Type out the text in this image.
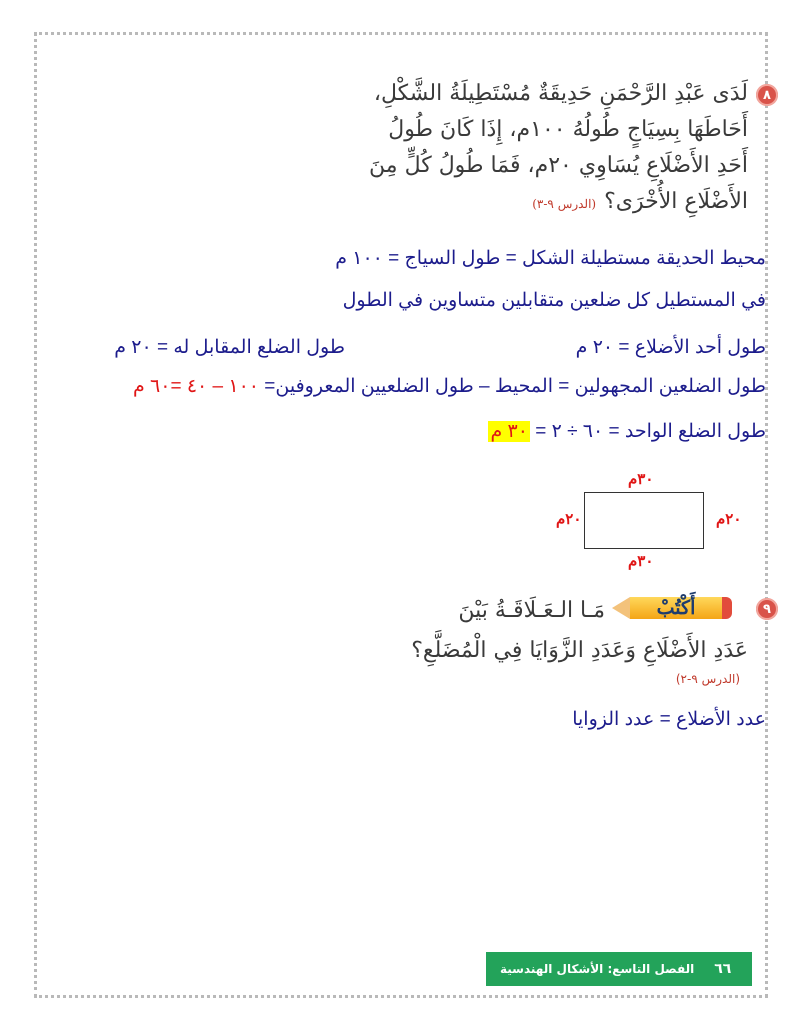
٨
لَدَى عَبْدِ الرَّحْمَنِ حَدِيقَةٌ مُسْتَطِيلَةُ الشَّكْلِ،
أَحَاطَهَا بِسِيَاجٍ طُولُهُ ١٠٠م، إِذَا كَانَ طُولُ
أَحَدِ الأَضْلَاعِ يُسَاوِي ٢٠م، فَمَا طُولُ كُلٍّ مِنَ
الأَضْلَاعِ الأُخْرَى؟(الدرس ٩-٣)
محيط الحديقة مستطيلة الشكل = طول السياج = ١٠٠ م
في المستطيل كل ضلعين متقابلين متساوين في الطول
طول أحد الأضلاع = ٢٠ م
طول الضلع المقابل له = ٢٠ م
طول الضلعين المجهولين = المحيط – طول الضلعيين المعروفين= ١٠٠ – ٤٠ =٦٠ م
طول الضلع الواحد = ٦٠ ÷ ٢ = ٣٠ م
٣٠م
٣٠م
٢٠م	٢٠م
٩
أَكْتُبْ
مَـا الـعَـلَاقَـةُ بَيْنَ
عَدَدِ الأَضْلَاعِ وَعَدَدِ الزَّوَايَا فِي الْمُضَلَّعِ؟
(الدرس ٩-٢)
عدد الأضلاع = عدد الزوايا
٦٦
الفصل التاسع: الأشكال الهندسية
